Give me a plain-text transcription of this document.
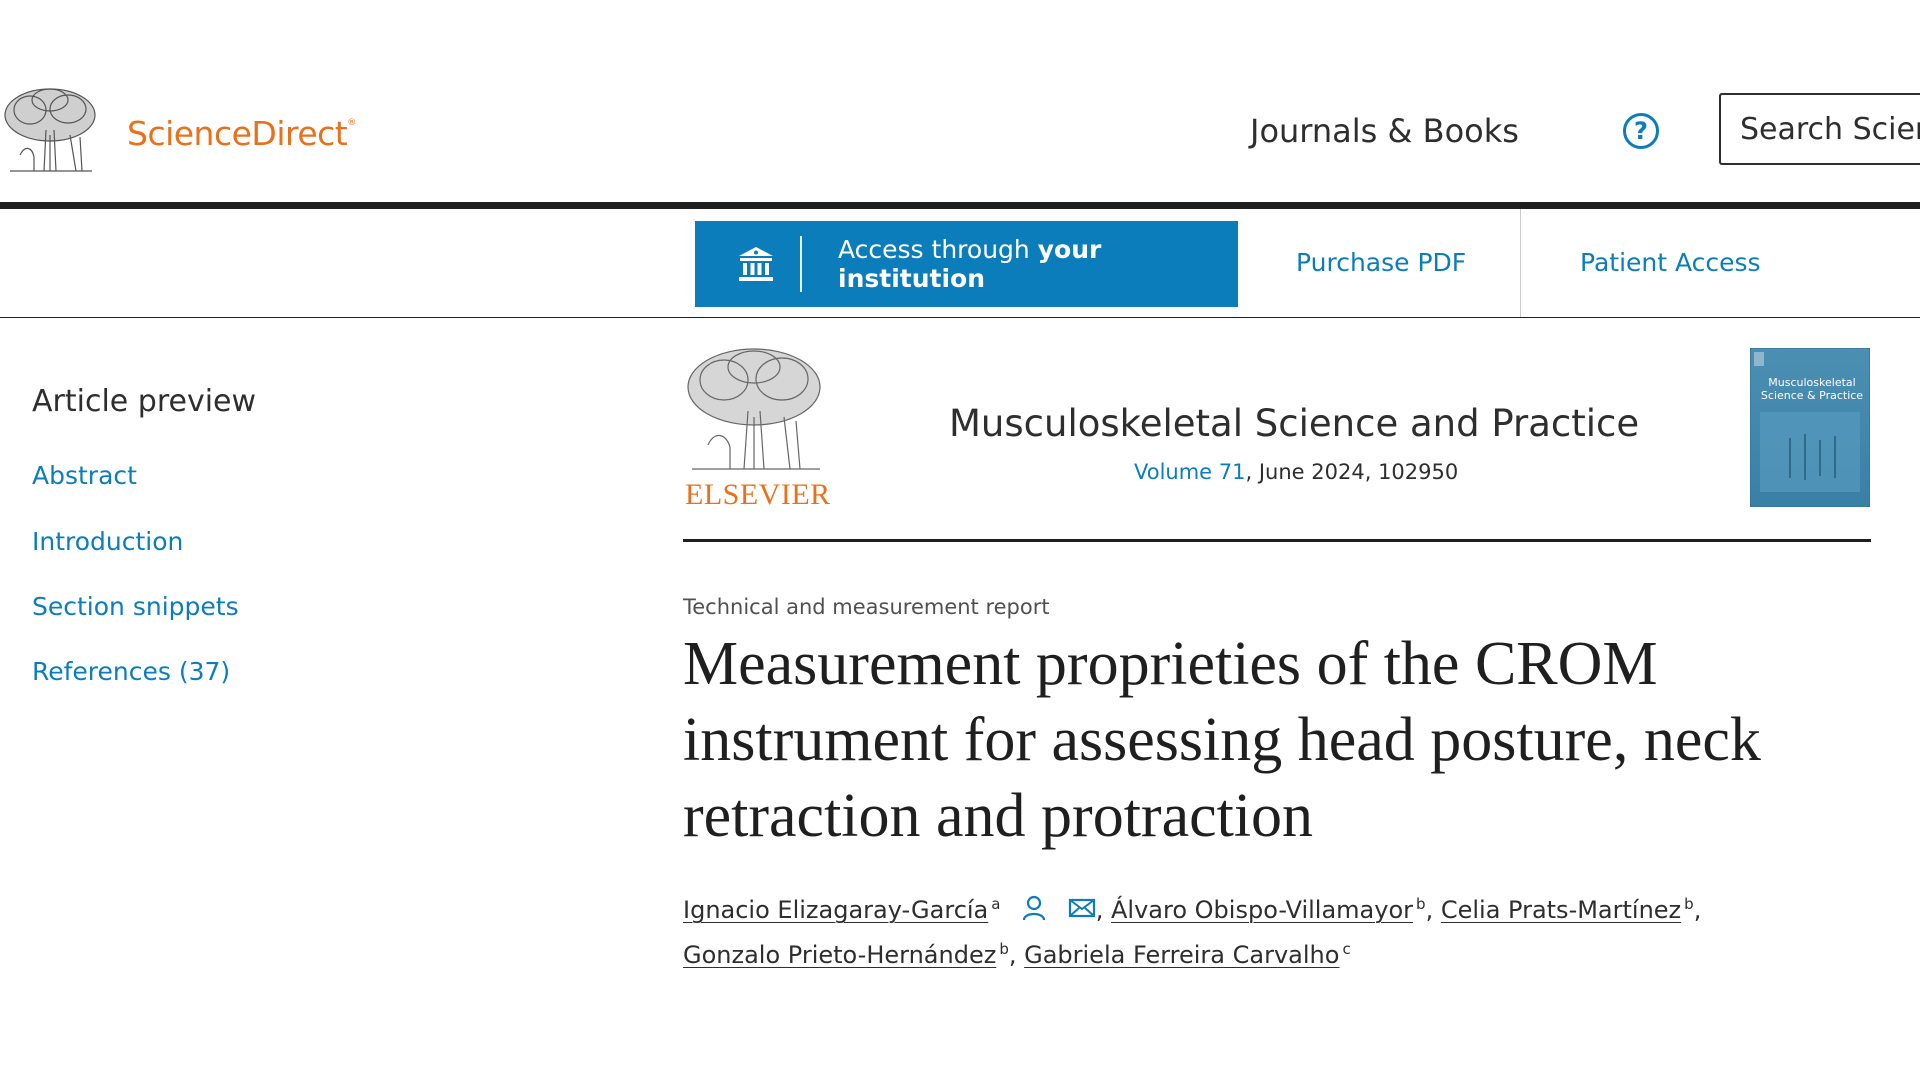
ScienceDirect®	Journals & Books	?
Search ScienceDirect
Access through your institution
Purchase PDF	Patient Access
Article preview
Abstract
Introduction
Section snippets
References (37)
ELSEVIER
Musculoskeletal Science and Practice
Volume 71, June 2024, 102950
Musculoskeletal
Science & Practice
Technical and measurement report
Measurement proprieties of the CROM instrument for assessing head posture, neck retraction and protraction
Ignacio Elizagaray-García $^a$	, Álvaro Obispo-Villamayor $^b$, Celia Prats-Martínez $^b$,
Gonzalo Prieto-Hernández $^b$, Gabriela Ferreira Carvalho $^c$
